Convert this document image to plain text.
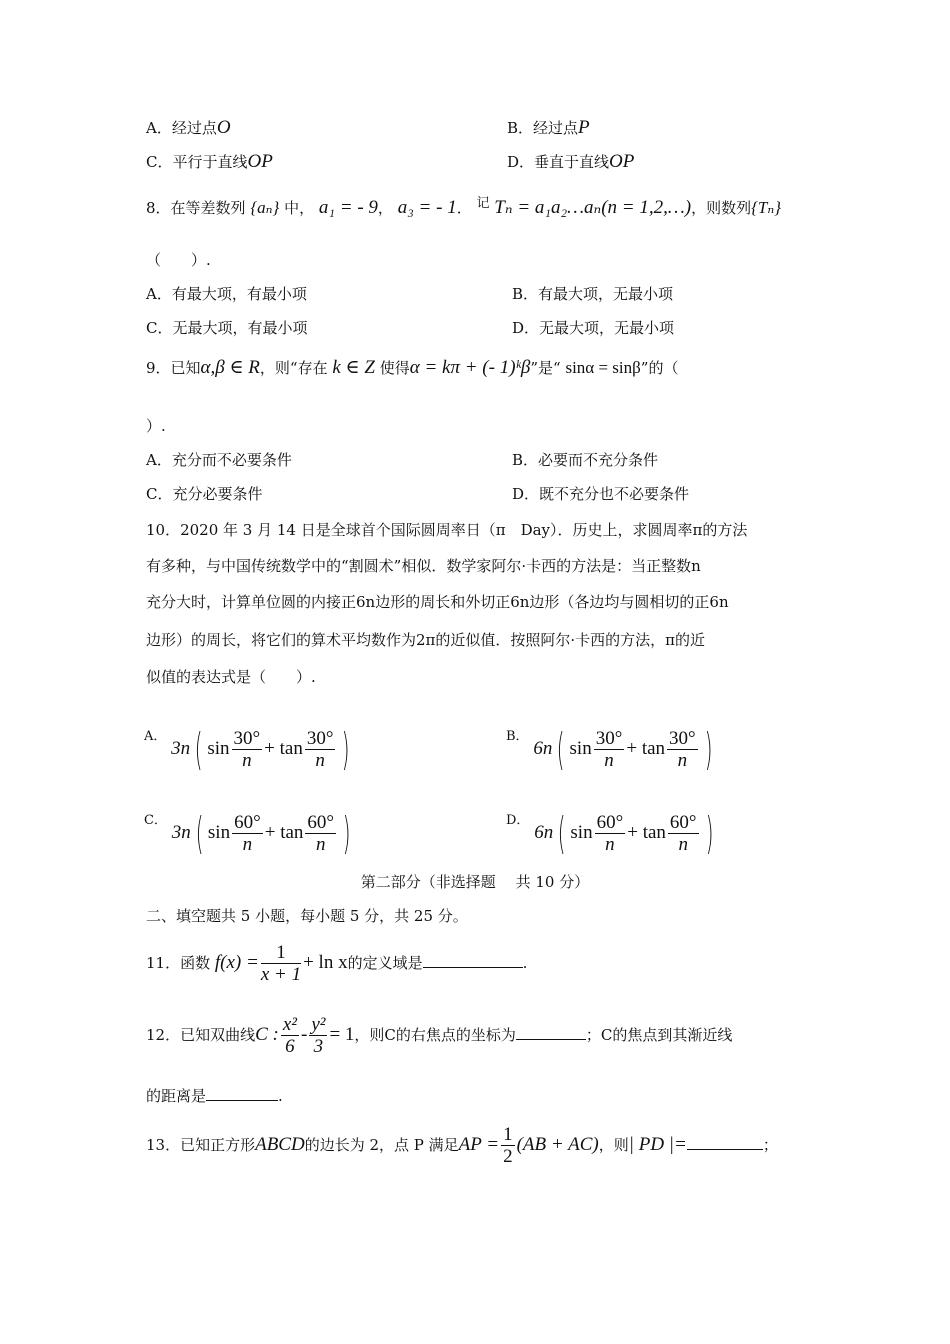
A．经过点O	B．经过点P
C．平行于直线OP	D．垂直于直线OP
8．在等差数列 {aₙ} 中， a₁ = - 9， a₃ = - 1． 记 Tₙ = a₁a₂…aₙ(n = 1,2,…)，则数列{Tₙ}
（　　）.
A．有最大项，有最小项	B．有最大项，无最小项
C．无最大项，有最小项	D．无最大项，无最小项
9．已知α,β ∈ R，则“存在 k ∈ Z 使得α = kπ + (- 1)ᵏβ”是“ sinα = sinβ”的（
）.
A．充分而不必要条件	B．必要而不充分条件
C．充分必要条件	D．既不充分也不必要条件
10．2020 年 3 月 14 日是全球首个国际圆周率日（π　Day）．历史上，求圆周率π的方法
有多种，与中国传统数学中的“割圆术”相似．数学家阿尔·卡西的方法是：当正整数n
充分大时，计算单位圆的内接正6n边形的周长和外切正6n边形（各边均与圆相切的正6n
边形）的周长，将它们的算术平均数作为2π的近似值．按照阿尔·卡西的方法，π的近
似值的表达式是（　　）.
A． 3n ( $\sin \frac{30^\circ}{n} + \tan \frac{30^\circ}{n}$ )	B． 6n ( $\sin \frac{30^\circ}{n} + \tan \frac{30^\circ}{n}$ )
C． 3n ( $\sin \frac{60^\circ}{n} + \tan \frac{60^\circ}{n}$ )	D． 6n ( $\sin \frac{60^\circ}{n} + \tan \frac{60^\circ}{n}$ )
第二部分（非选择题　 共 10 分）
二、填空题共 5 小题，每小题 5 分，共 25 分。
11．函数 $f(x) = \frac{1}{x + 1} + \ln x$的定义域是	.
12．已知双曲线C : $\frac{\text{x²}}{6} - \frac{\text{y²}}{3} = 1$，则C的右焦点的坐标为	；C的焦点到其渐近线
的距离是	.
13．已知正方形ABCD的边长为 2，点 P 满足AP = $\frac{1}{2} (AB + AC)$，则| PD |=	；
